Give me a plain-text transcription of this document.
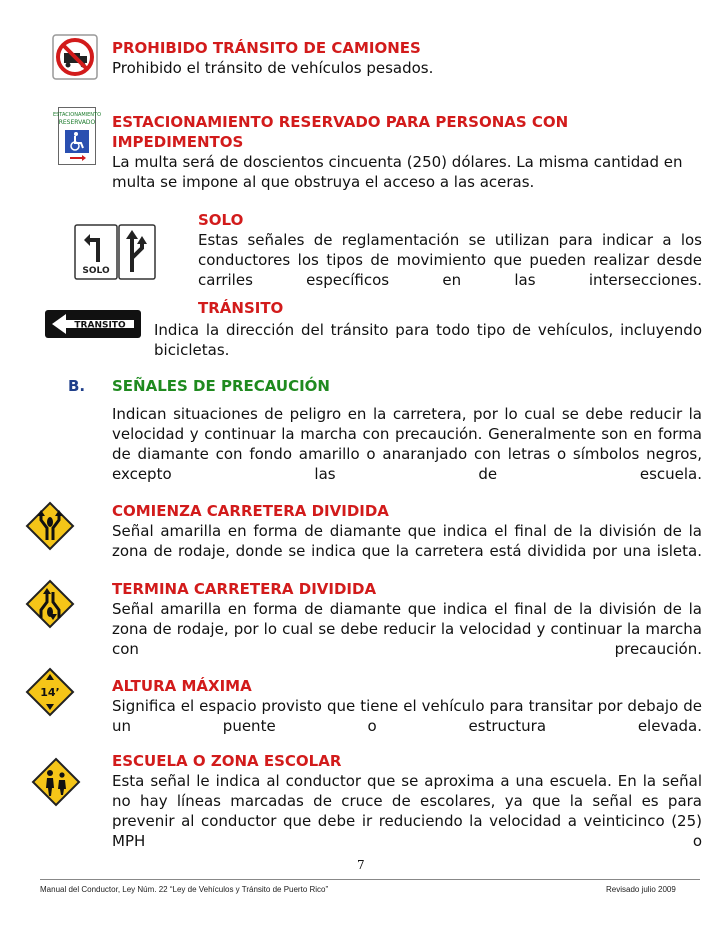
PROHIBIDO TRÁNSITO DE CAMIONES
Prohibido el tránsito de vehículos pesados.
ESTACIONAMIENTO
RESERVADO ESTACIONAMIENTO RESERVADO PARA PERSONAS CON IMPEDIMENTOS
La multa será de doscientos cincuenta (250) dólares. La misma cantidad en multa se impone al que obstruya el acceso a las aceras.
SOLO
SOLO
Estas señales de reglamentación se utilizan para indicar a los conductores los tipos de movimiento que pueden realizar desde carriles específicos en las intersecciones.
TRANSITO
TRÁNSITO
Indica la dirección del tránsito para todo tipo de vehículos, incluyendo bicicletas.
B. SEÑALES DE PRECAUCIÓN
Indican situaciones de peligro en la carretera, por lo cual se debe reducir la velocidad y continuar la marcha con precaución. Generalmente son en forma de diamante con fondo amarillo o anaranjado con letras o símbolos negros, excepto las de escuela.
COMIENZA CARRETERA DIVIDIDA
Señal amarilla en forma de diamante que indica el final de la división de la zona de rodaje, donde se indica que la carretera está dividida por una isleta.
TERMINA CARRETERA DIVIDIDA
Señal amarilla en forma de diamante que indica el final de la división de la zona de rodaje, por lo cual se debe reducir la velocidad y continuar la marcha con precaución.
14’	ALTURA MÁXIMA
Significa el espacio provisto que tiene el vehículo para transitar por debajo de un puente o estructura elevada.
ESCUELA O ZONA ESCOLAR
Esta señal le indica al conductor que se aproxima a una escuela. En la señal no hay líneas marcadas de cruce de escolares, ya que la señal es para prevenir al conductor que debe ir reduciendo la velocidad a veinticinco (25) MPH o
7
Manual del Conductor, Ley Núm. 22 “Ley de Vehículos y Tránsito de Puerto Rico”	Revisado julio 2009
